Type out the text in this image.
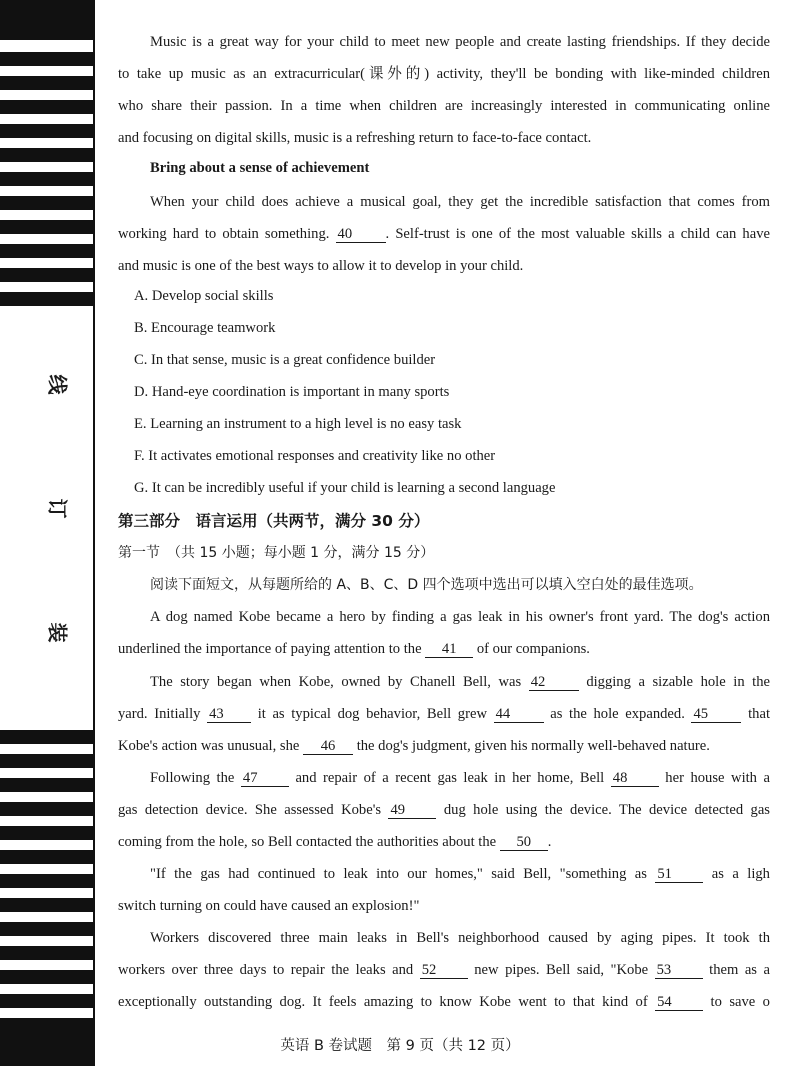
线
订
装
Music is a great way for your child to meet new people and create lasting friendships. If they decide
to take up music as an extracurricular(课外的) activity, they'll be bonding with like-minded children
who share their passion. In a time when children are increasingly interested in communicating online
and focusing on digital skills, music is a refreshing return to face-to-face contact.
Bring about a sense of achievement
When your child does achieve a musical goal, they get the incredible satisfaction that comes from
working hard to obtain something. 40 . Self-trust is one of the most valuable skills a child can have
and music is one of the best ways to allow it to develop in your child.
A. Develop social skills
B. Encourage teamwork
C. In that sense, music is a great confidence builder
D. Hand-eye coordination is important in many sports
E. Learning an instrument to a high level is no easy task
F. It activates emotional responses and creativity like no other
G. It can be incredibly useful if your child is learning a second language
第三部分　语言运用（共两节，满分 30 分）
第一节　（共 15 小题；每小题 1 分，满分 15 分）
阅读下面短文，从每题所给的 A、B、C、D 四个选项中选出可以填入空白处的最佳选项。
A dog named Kobe became a hero by finding a gas leak in his owner's front yard. The dog's action
underlined the importance of paying attention to the 41 of our companions.
The story began when Kobe, owned by Chanell Bell, was 42	digging a sizable hole in the
yard. Initially 43 it as typical dog behavior, Bell grew 44	as the hole expanded. 45	that
Kobe's action was unusual, she 46 the dog's judgment, given his normally well-behaved nature.
Following the 47	and repair of a recent gas leak in her home, Bell 48	her house with a
gas detection device. She assessed Kobe's 49	dug hole using the device. The device detected gas
coming from the hole, so Bell contacted the authorities about the 50 .
"If the gas had continued to leak into our homes," said Bell, "something as 51	as a ligh
switch turning on could have caused an explosion!"
Workers discovered three main leaks in Bell's neighborhood caused by aging pipes. It took th
workers over three days to repair the leaks and 52	new pipes. Bell said, "Kobe 53	them as a
exceptionally outstanding dog. It feels amazing to know Kobe went to that kind of 54	to save o
英语 B 卷试题　第 9 页（共 12 页）
